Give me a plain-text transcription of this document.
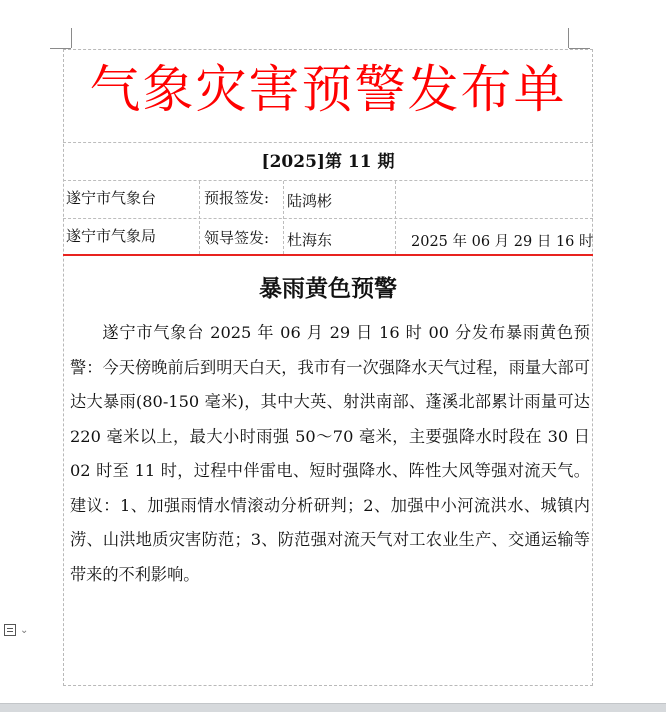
气象灾害预警发布单
[2025]第 11 期
遂宁市气象台
遂宁市气象局
预报签发:
领导签发:
陆鸿彬
杜海东	2025 年 06 月 29 日 16 时
暴雨黄色预警

遂宁市气象台 2025 年 06 月 29 日 16 时 00 分发布暴雨黄色预警：今天傍晚前后到明天白天，我市有一次强降水天气过程，雨量大部可达大暴雨(80-150 毫米)，其中大英、射洪南部、蓬溪北部累计雨量可达 220 毫米以上，最大小时雨强 50～70 毫米，主要强降水时段在 30 日 02 时至 11 时，过程中伴雷电、短时强降水、阵性大风等强对流天气。建议：1、加强雨情水情滚动分析研判；2、加强中小河流洪水、城镇内涝、山洪地质灾害防范；3、防范强对流天气对工农业生产、交通运输等带来的不利影响。

⌄
